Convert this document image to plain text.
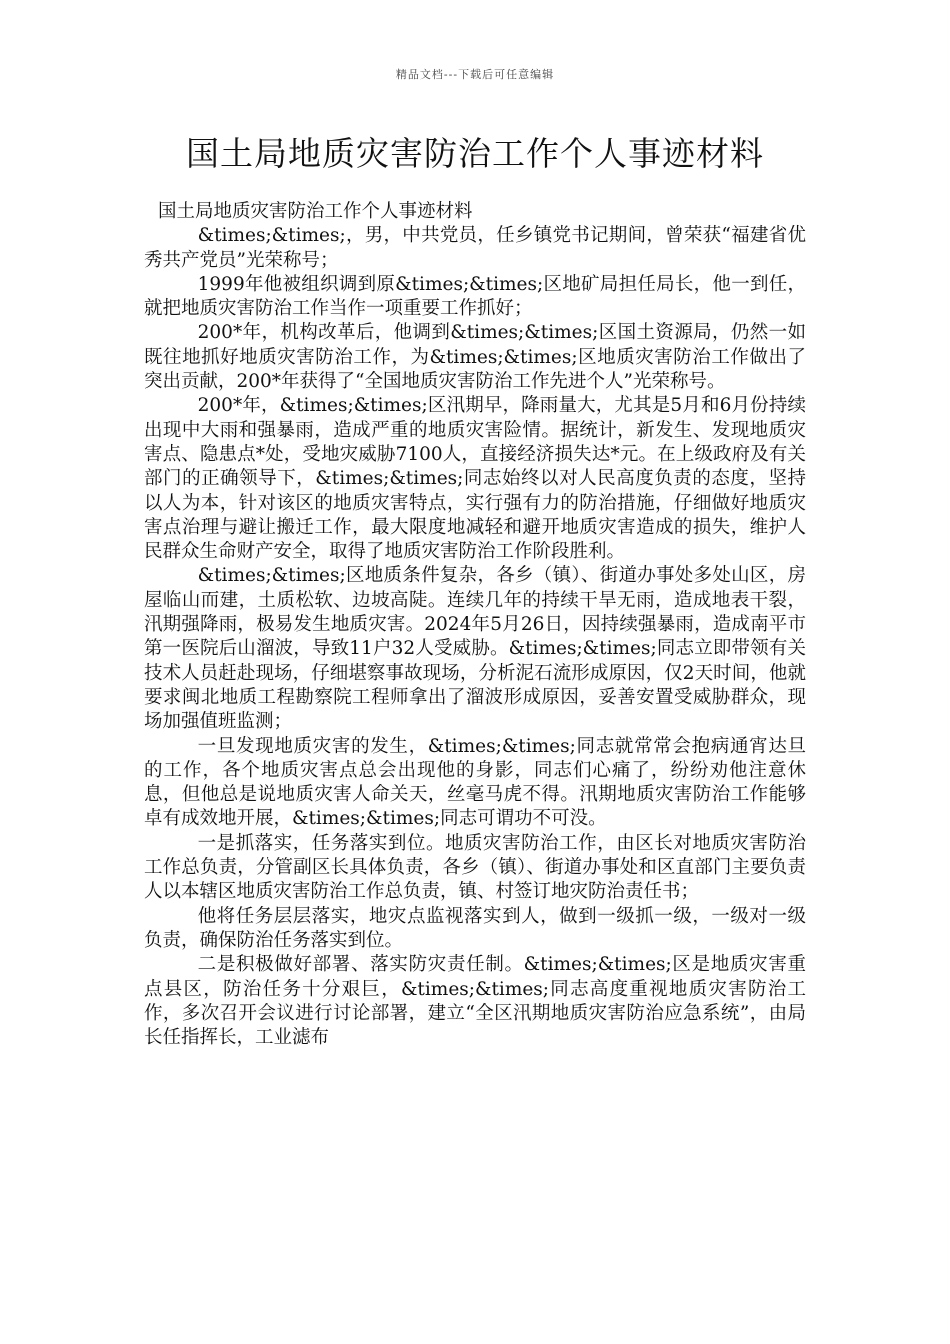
精品文档---下载后可任意编辑
国土局地质灾害防治工作个人事迹材料

国土局地质灾害防治工作个人事迹材料

&times;&times;，男，中共党员，任乡镇党书记期间，曾荣获“福建省优秀共产党员”光荣称号；

1999年他被组织调到原&times;&times;区地矿局担任局长，他一到任，就把地质灾害防治工作当作一项重要工作抓好；

200*年，机构改革后，他调到&times;&times;区国土资源局，仍然一如既往地抓好地质灾害防治工作，为&times;&times;区地质灾害防治工作做出了突出贡献，200*年获得了“全国地质灾害防治工作先进个人”光荣称号。

200*年，&times;&times;区汛期早，降雨量大，尤其是5月和6月份持续出现中大雨和强暴雨，造成严重的地质灾害险情。据统计，新发生、发现地质灾害点、隐患点*处，受地灾威胁7100人，直接经济损失达*元。在上级政府及有关部门的正确领导下，&times;&times;同志始终以对人民高度负责的态度，坚持以人为本，针对该区的地质灾害特点，实行强有力的防治措施，仔细做好地质灾害点治理与避让搬迁工作，最大限度地减轻和避开地质灾害造成的损失，维护人民群众生命财产安全，取得了地质灾害防治工作阶段胜利。

&times;&times;区地质条件复杂，各乡（镇）、街道办事处多处山区，房屋临山而建，土质松软、边坡高陡。连续几年的持续干旱无雨，造成地表干裂，汛期强降雨，极易发生地质灾害。2024年5月26日，因持续强暴雨，造成南平市第一医院后山溜波，导致11户32人受威胁。&times;&times;同志立即带领有关技术人员赶赴现场，仔细堪察事故现场，分析泥石流形成原因，仅2天时间，他就要求闽北地质工程勘察院工程师拿出了溜波形成原因，妥善安置受威胁群众，现场加强值班监测；

一旦发现地质灾害的发生，&times;&times;同志就常常会抱病通宵达旦的工作，各个地质灾害点总会出现他的身影，同志们心痛了，纷纷劝他注意休息，但他总是说地质灾害人命关天，丝毫马虎不得。汛期地质灾害防治工作能够卓有成效地开展，&times;&times;同志可谓功不可没。

一是抓落实，任务落实到位。地质灾害防治工作，由区长对地质灾害防治工作总负责，分管副区长具体负责，各乡（镇）、街道办事处和区直部门主要负责人以本辖区地质灾害防治工作总负责，镇、村签订地灾防治责任书；

他将任务层层落实，地灾点监视落实到人，做到一级抓一级，一级对一级负责，确保防治任务落实到位。

二是积极做好部署、落实防灾责任制。&times;&times;区是地质灾害重点县区，防治任务十分艰巨，&times;&times;同志高度重视地质灾害防治工作，多次召开会议进行讨论部署，建立“全区汛期地质灾害防治应急系统”，由局长任指挥长，工业滤布
